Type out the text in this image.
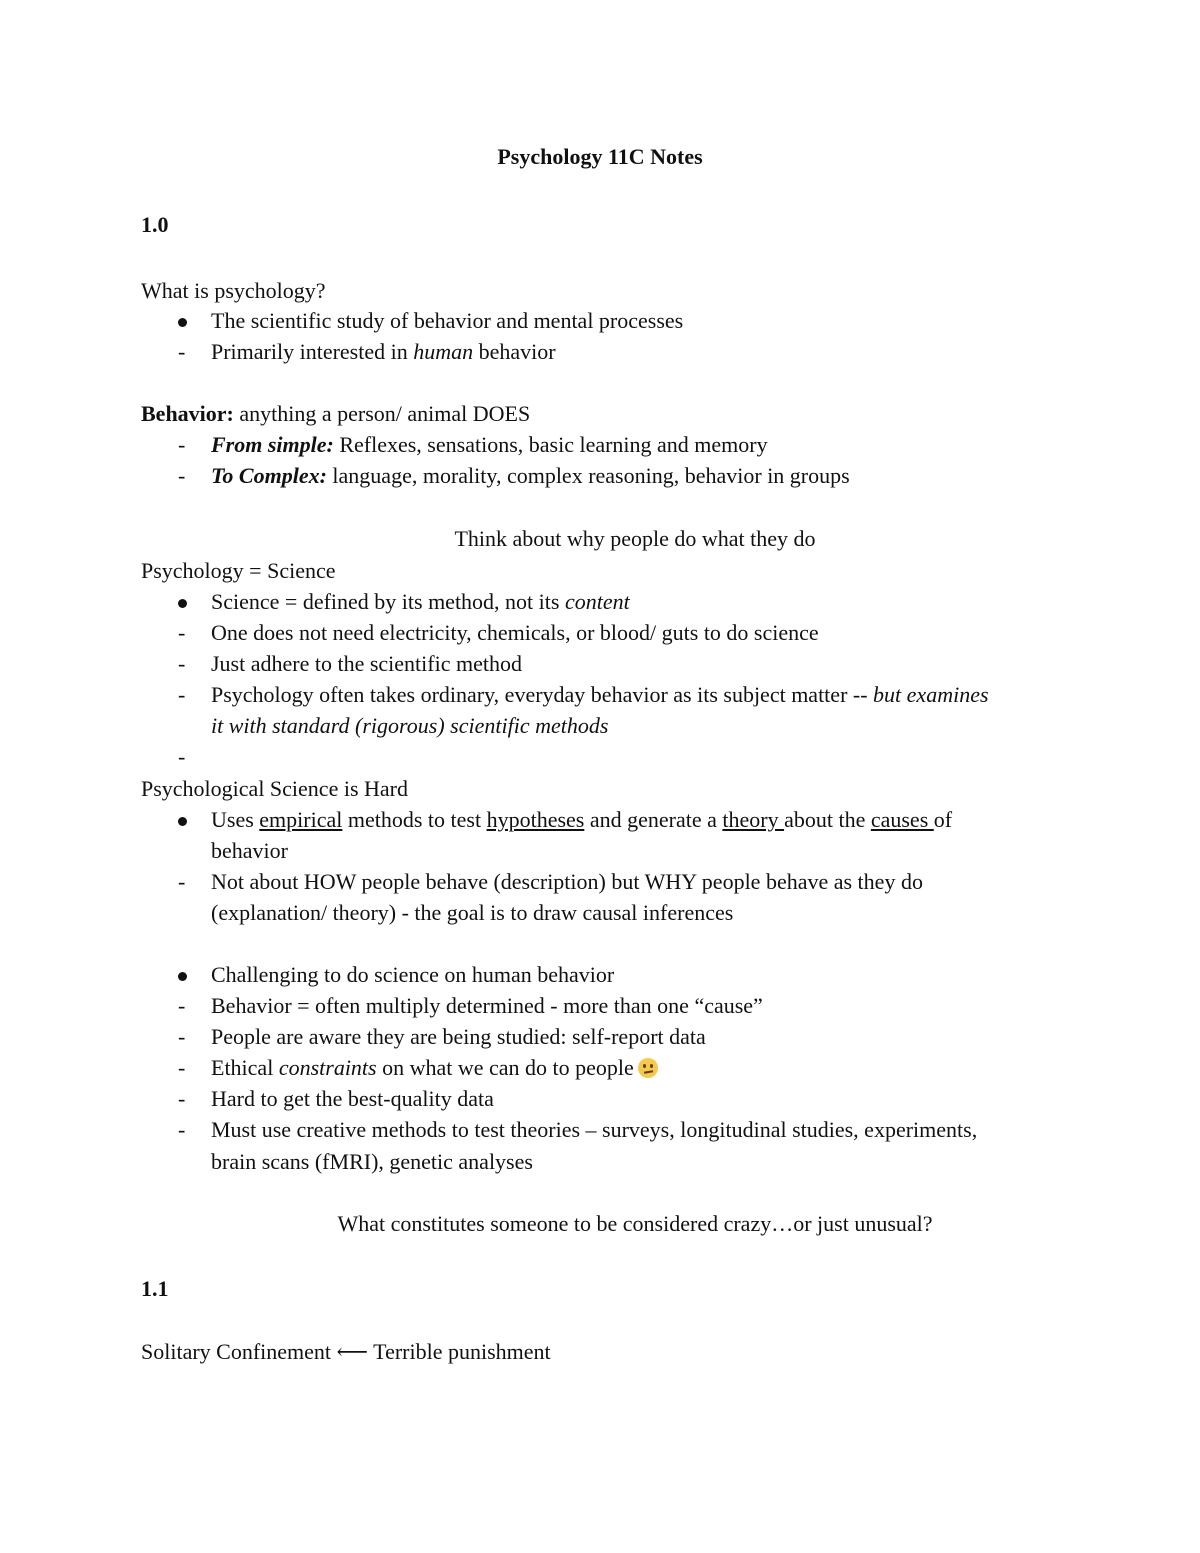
Psychology 11C Notes
1.0
What is psychology?
The scientific study of behavior and mental processes
- Primarily interested in human behavior
Behavior: anything a person/ animal DOES
- From simple: Reflexes, sensations, basic learning and memory
- To Complex: language, morality, complex reasoning, behavior in groups
Think about why people do what they do
Psychology = Science
Science = defined by its method, not its content
- One does not need electricity, chemicals, or blood/ guts to do science
- Just adhere to the scientific method
- Psychology often takes ordinary, everyday behavior as its subject matter -- but examines
it with standard (rigorous) scientific methods
-
Psychological Science is Hard
Uses empirical methods to test hypotheses and generate a theory about the causes of
behavior
- Not about HOW people behave (description) but WHY people behave as they do
(explanation/ theory) - the goal is to draw causal inferences
Challenging to do science on human behavior
- Behavior = often multiply determined - more than one “cause”
- People are aware they are being studied: self-report data
- Ethical constraints on what we can do to people
- Hard to get the best-quality data
- Must use creative methods to test theories – surveys, longitudinal studies, experiments,
brain scans (fMRI), genetic analyses
What constitutes someone to be considered crazy…or just unusual?
1.1
Solitary Confinement ⟵ Terrible punishment
